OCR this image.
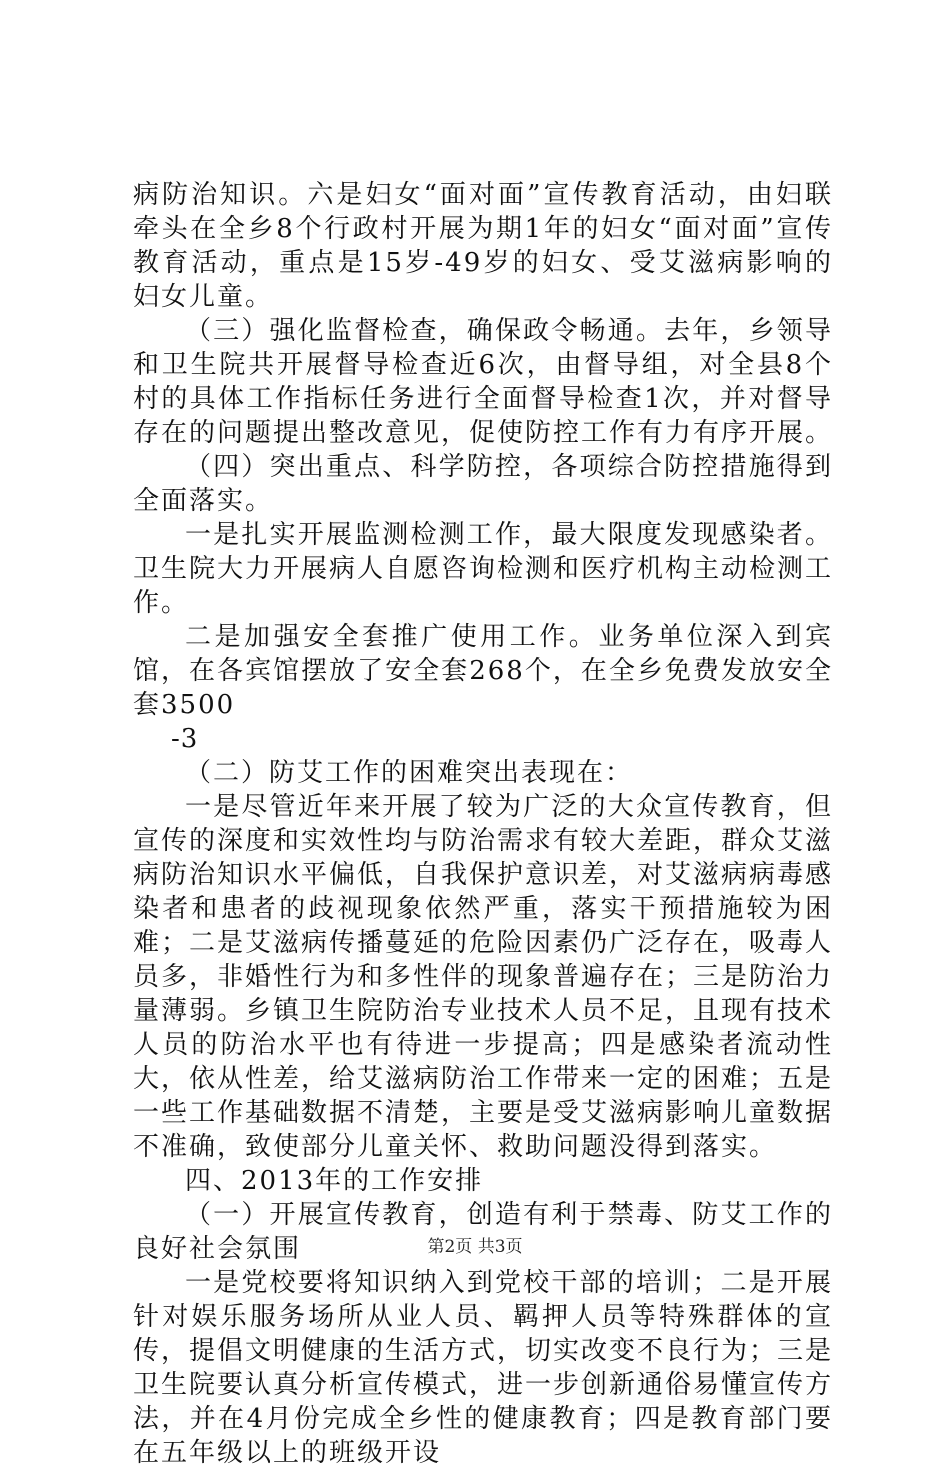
病防治知识。六是妇女“面对面”宣传教育活动，由妇联牵头在全乡8个行政村开展为期1年的妇女“面对面”宣传教育活动，重点是15岁-49岁的妇女、受艾滋病影响的妇女儿童。

（三）强化监督检查，确保政令畅通。去年，乡领导和卫生院共开展督导检查近6次，由督导组，对全县8个村的具体工作指标任务进行全面督导检查1次，并对督导存在的问题提出整改意见，促使防控工作有力有序开展。

（四）突出重点、科学防控，各项综合防控措施得到全面落实。

一是扎实开展监测检测工作，最大限度发现感染者。卫生院大力开展病人自愿咨询检测和医疗机构主动检测工作。

二是加强安全套推广使用工作。业务单位深入到宾馆，在各宾馆摆放了安全套268个，在全乡免费发放安全套3500

-3

（二）防艾工作的困难突出表现在：

一是尽管近年来开展了较为广泛的大众宣传教育，但宣传的深度和实效性均与防治需求有较大差距，群众艾滋病防治知识水平偏低，自我保护意识差，对艾滋病病毒感染者和患者的歧视现象依然严重，落实干预措施较为困难；二是艾滋病传播蔓延的危险因素仍广泛存在，吸毒人员多，非婚性行为和多性伴的现象普遍存在；三是防治力量薄弱。乡镇卫生院防治专业技术人员不足，且现有技术人员的防治水平也有待进一步提高；四是感染者流动性大，依从性差，给艾滋病防治工作带来一定的困难；五是一些工作基础数据不清楚，主要是受艾滋病影响儿童数据不准确，致使部分儿童关怀、救助问题没得到落实。

四、2013年的工作安排

（一）开展宣传教育，创造有利于禁毒、防艾工作的良好社会氛围

一是党校要将知识纳入到党校干部的培训；二是开展针对娱乐服务场所从业人员、羁押人员等特殊群体的宣传，提倡文明健康的生活方式，切实改变不良行为；三是卫生院要认真分析宣传模式，进一步创新通俗易懂宣传方法，并在4月份完成全乡性的健康教育；四是教育部门要在五年级以上的班级开设

第2页 共3页
